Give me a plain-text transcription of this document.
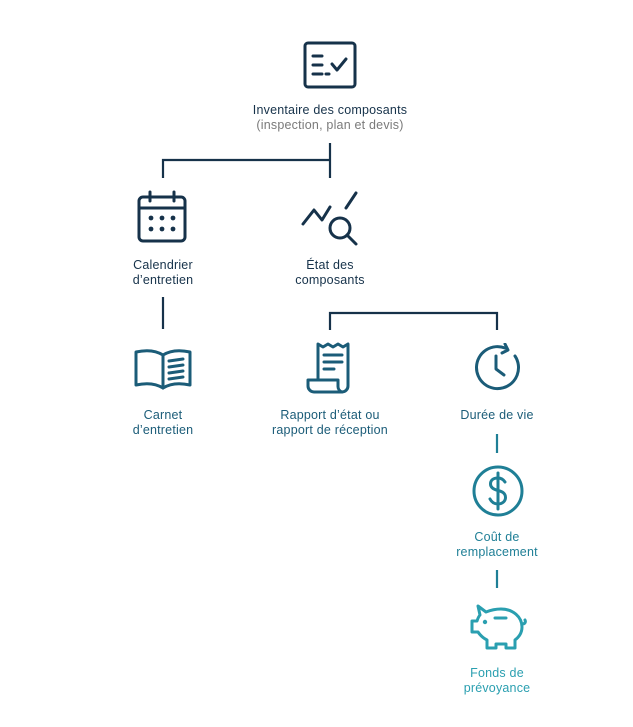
Inventaire des composants
(inspection, plan et devis)
Calendrier
d’entretien
État des
composants
Carnet
d’entretien
Rapport d’état ou
rapport de réception
Durée de vie
Coût de
remplacement
Fonds de
prévoyance
